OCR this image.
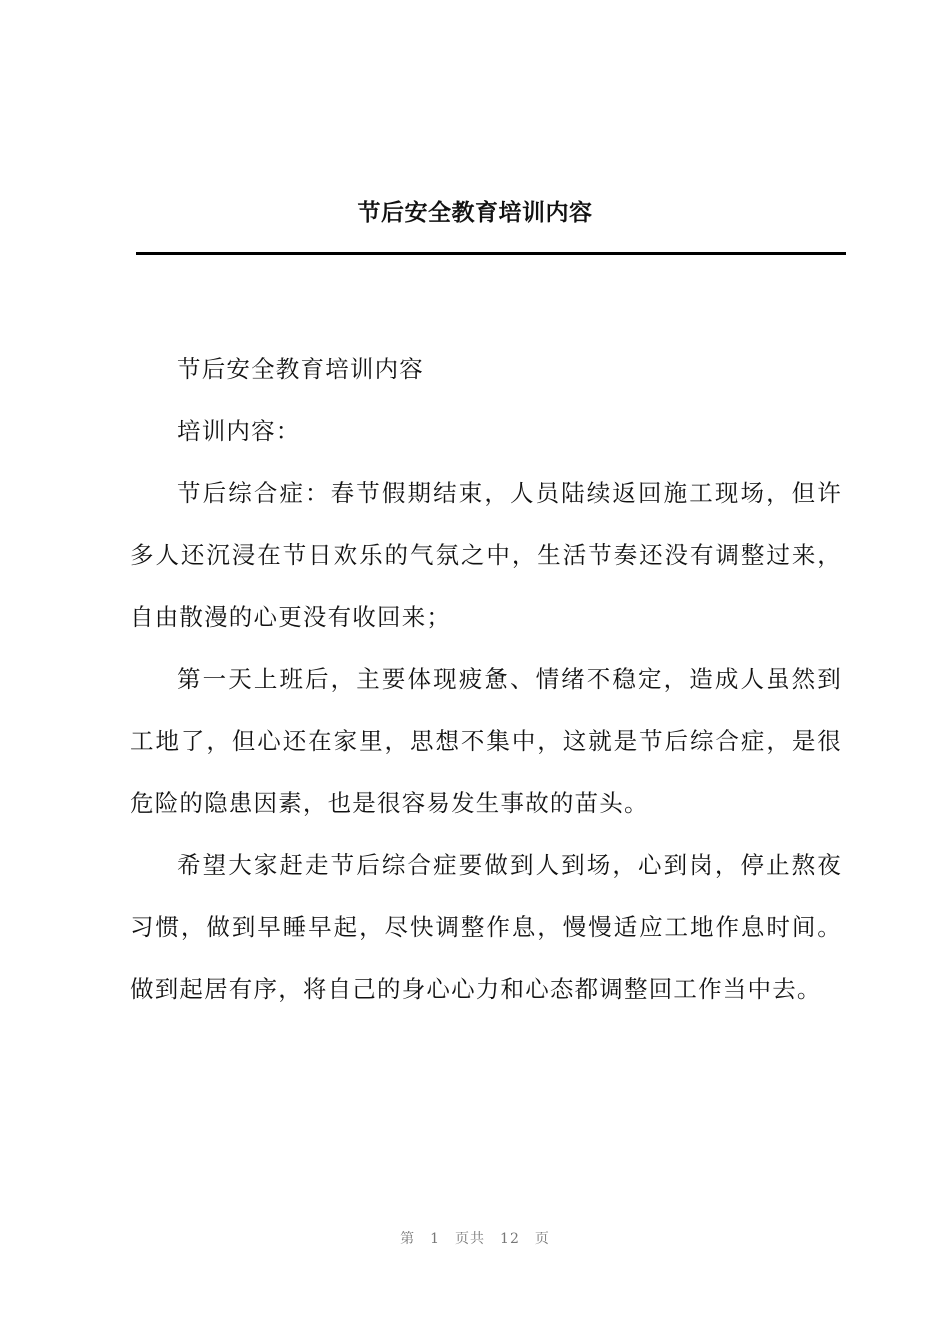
节后安全教育培训内容

节后安全教育培训内容

培训内容：

节后综合症：春节假期结束，人员陆续返回施工现场，但许多人还沉浸在节日欢乐的气氛之中，生活节奏还没有调整过来，自由散漫的心更没有收回来；

第一天上班后，主要体现疲惫、情绪不稳定，造成人虽然到工地了，但心还在家里，思想不集中，这就是节后综合症，是很危险的隐患因素，也是很容易发生事故的苗头。

希望大家赶走节后综合症要做到人到场，心到岗，停止熬夜习惯，做到早睡早起，尽快调整作息，慢慢适应工地作息时间。做到起居有序，将自己的身心心力和心态都调整回工作当中去。

第　1　页共　12　页
